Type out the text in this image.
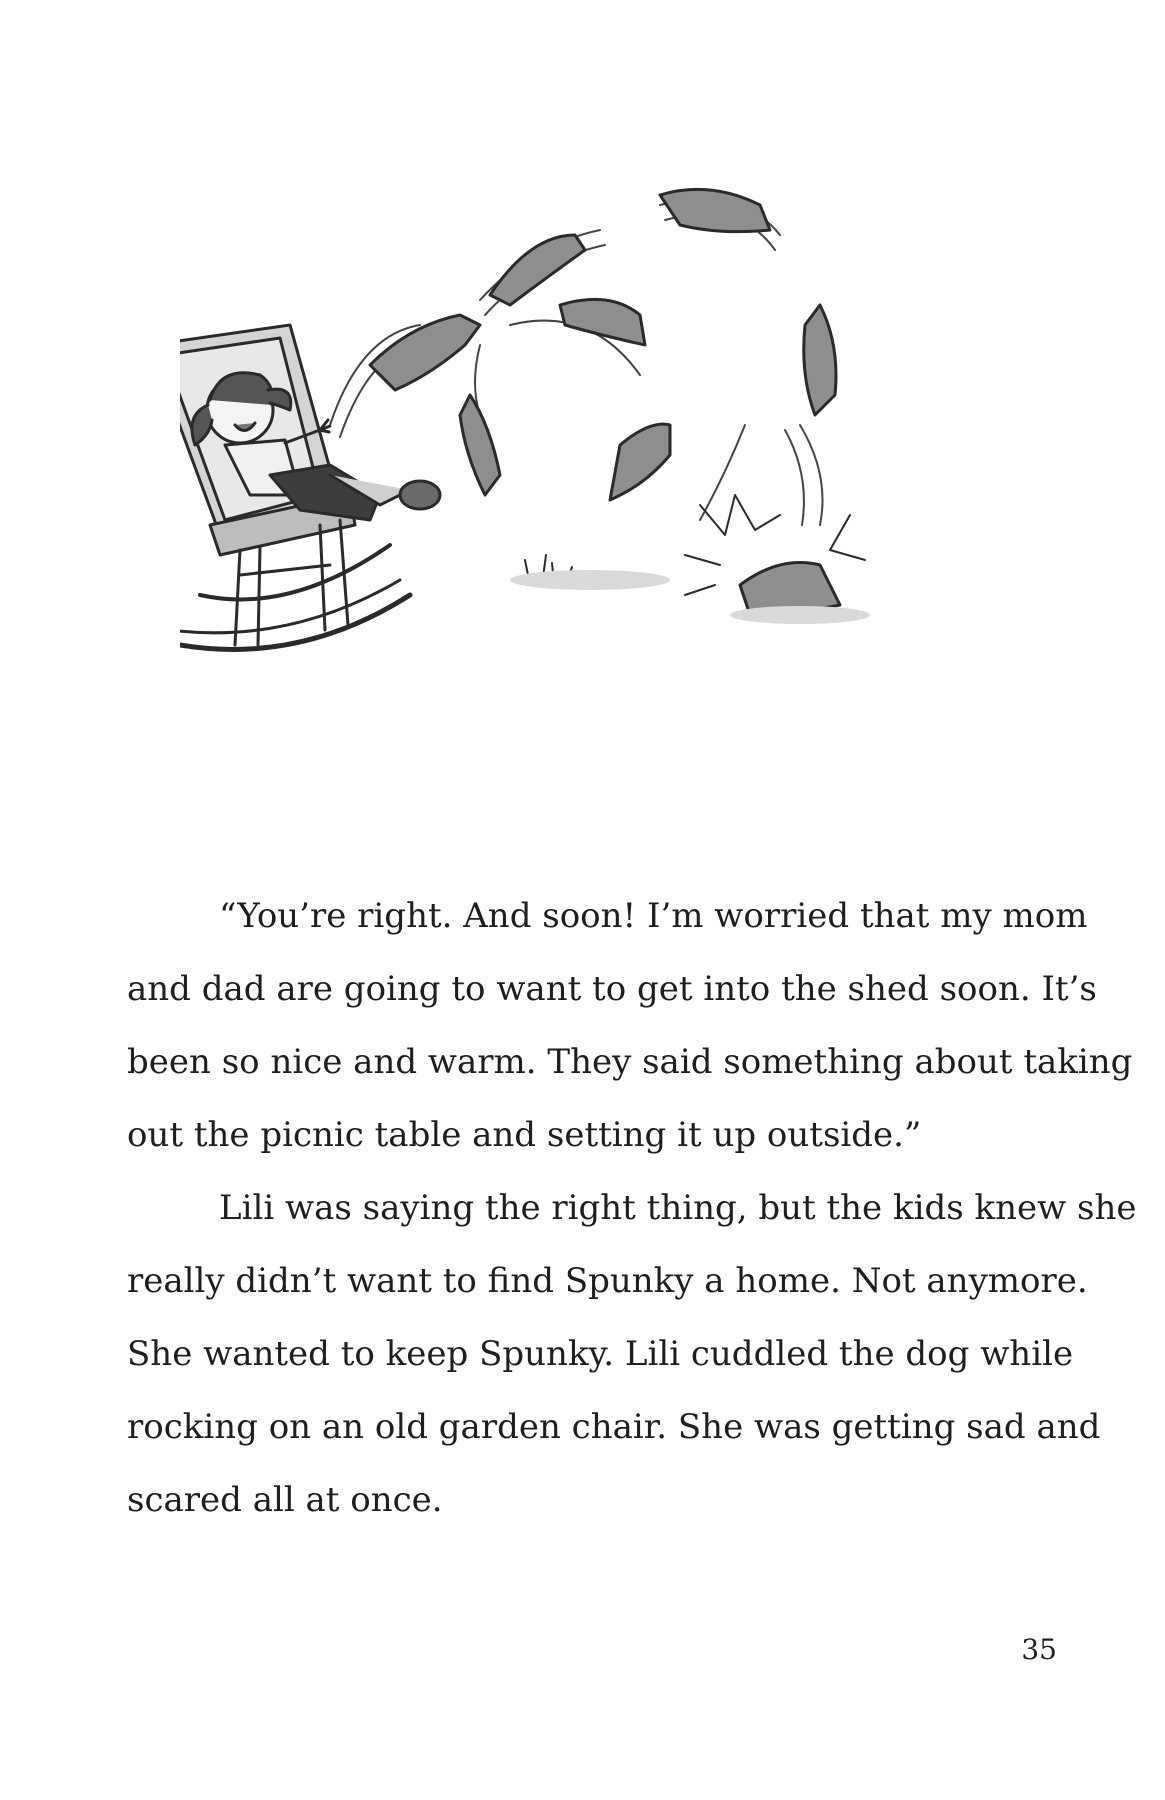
“You’re right. And soon! I’m worried that my mom
and dad are going to want to get into the shed soon. It’s
been so nice and warm. They said something about taking
out the picnic table and setting it up outside.”

Lili was saying the right thing, but the kids knew she
really didn’t want to find Spunky a home. Not anymore.
She wanted to keep Spunky. Lili cuddled the dog while
rocking on an old garden chair. She was getting sad and
scared all at once.

35
